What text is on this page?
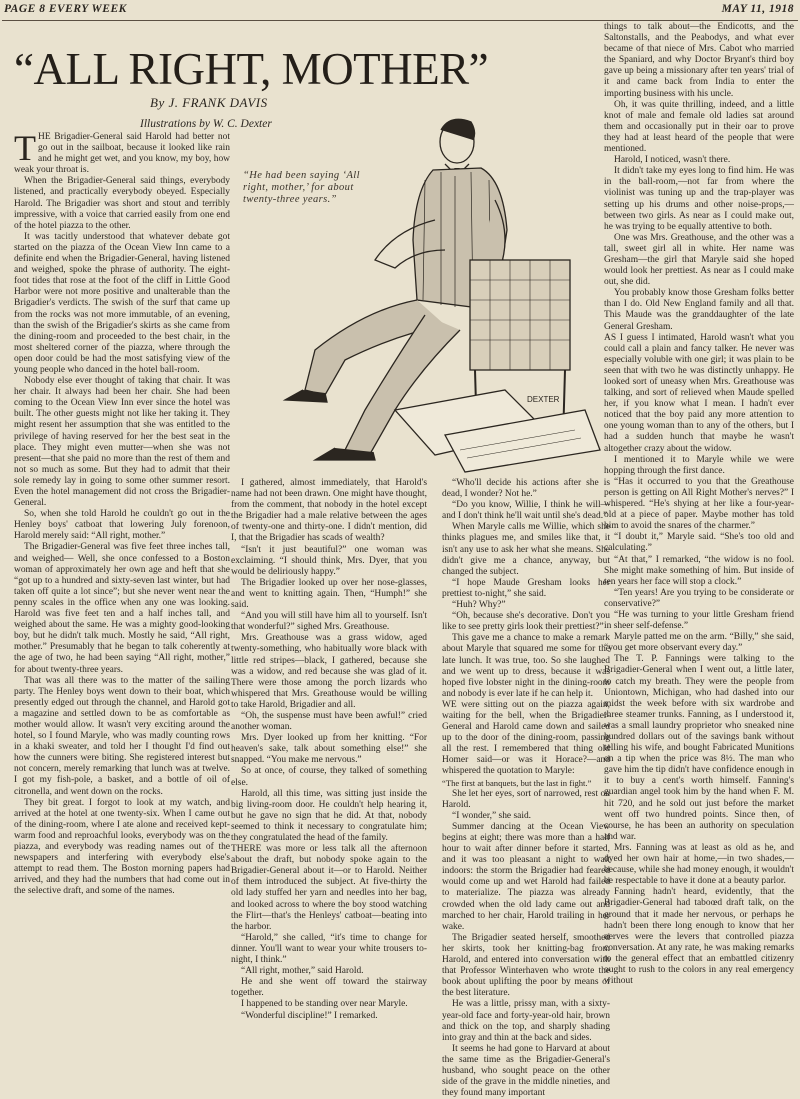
PAGE 8 EVERY WEEK	MAY 11, 1918
“ALL RIGHT, MOTHER”
By J. FRANK DAVIS
Illustrations by W. C. Dexter
DEXTER
“He had been saying ‘All right, mother,’ for about twenty-three years.”

THE Brigadier-General said Harold had better not go out in the sailboat, because it looked like rain and he might get wet, and you know, my boy, how weak your throat is.

When the Brigadier-General said things, everybody listened, and practically everybody obeyed. Especially Harold. The Brigadier was short and stout and terribly impressive, with a voice that carried easily from one end of the hotel piazza to the other.

It was tacitly understood that whatever debate got started on the piazza of the Ocean View Inn came to a definite end when the Brigadier-General, having listened and weighed, spoke the phrase of authority. The eight-foot tides that rose at the foot of the cliff in Little Good Harbor were not more positive and unalterable than the Brigadier's verdicts. The swish of the surf that came up from the rocks was not more immutable, of an evening, than the swish of the Brigadier's skirts as she came from the dining-room and proceeded to the best chair, in the most sheltered corner of the piazza, where through the open door could be had the most satisfying view of the young people who danced in the hotel ball-room.

Nobody else ever thought of taking that chair. It was her chair. It always had been her chair. She had been coming to the Ocean View Inn ever since the hotel was built. The other guests might not like her taking it. They might resent her assumption that she was entitled to the privilege of having reserved for her the best seat in the place. They might even mutter—when she was not present—that she paid no more than the rest of them and not so much as some. But they had to admit that their sole remedy lay in going to some other summer resort. Even the hotel management did not cross the Brigadier-General.

So, when she told Harold he couldn't go out in the Henley boys' catboat that lowering July forenoon, Harold merely said: “All right, mother.”

The Brigadier-General was five feet three inches tall, and weighed— Well, she once confessed to a Boston woman of approximately her own age and heft that she “got up to a hundred and sixty-seven last winter, but had taken off quite a lot since”; but she never went near the penny scales in the office when any one was looking. Harold was five feet ten and a half inches tall, and weighed about the same. He was a mighty good-looking boy, but he didn't talk much. Mostly he said, “All right, mother.” Presumably that he began to talk coherently at the age of two, he had been saying “All right, mother,” for about twenty-three years.

That was all there was to the matter of the sailing party. The Henley boys went down to their boat, which presently edged out through the channel, and Harold got a magazine and settled down to be as comfortable as mother would allow. It wasn't very exciting around the hotel, so I found Maryle, who was madly counting rows in a khaki sweater, and told her I thought I'd find out how the cunners were biting. She registered interest but not concern, merely remarking that lunch was at twelve. I got my fish-pole, a basket, and a bottle of oil of citronella, and went down on the rocks.

They bit great. I forgot to look at my watch, and arrived at the hotel at one twenty-six. When I came out of the dining-room, where I ate alone and received kept-warm food and reproachful looks, everybody was on the piazza, and everybody was reading names out of the newspapers and interfering with everybody else's attempt to read them. The Boston morning papers had arrived, and they had the numbers that had come out in the selective draft, and some of the names.

I gathered, almost immediately, that Harold's name had not been drawn. One might have thought, from the comment, that nobody in the hotel except the Brigadier had a male relative between the ages of twenty-one and thirty-one. I didn't mention, did I, that the Brigadier has scads of wealth?

“Isn't it just beautiful?” one woman was exclaiming. “I should think, Mrs. Dyer, that you would be deliriously happy.”

The Brigadier looked up over her nose-glasses, and went to knitting again. Then, “Humph!” she said.

“And you will still have him all to yourself. Isn't that wonderful?” sighed Mrs. Greathouse.

Mrs. Greathouse was a grass widow, aged twenty-something, who habitually wore black with little red stripes—black, I gathered, because she was a widow, and red because she was glad of it. There were those among the porch lizards who whispered that Mrs. Greathouse would be willing to take Harold, Brigadier and all.

“Oh, the suspense must have been awful!” cried another woman.

Mrs. Dyer looked up from her knitting. “For heaven's sake, talk about something else!” she snapped. “You make me nervous.”

So at once, of course, they talked of something else.

Harold, all this time, was sitting just inside the big living-room door. He couldn't help hearing it, but he gave no sign that he did. At that, nobody seemed to think it necessary to congratulate him; they congratulated the head of the family.

THERE was more or less talk all the afternoon about the draft, but nobody spoke again to the Brigadier-General about it—or to Harold. Neither of them introduced the subject. At five-thirty the old lady stuffed her yarn and needles into her bag, and looked across to where the boy stood watching the Flirt—that's the Henleys' catboat—beating into the harbor.

“Harold,” she called, “it's time to change for dinner. You'll want to wear your white trousers to-night, I think.”

“All right, mother,” said Harold.

He and she went off toward the stairway together.

I happened to be standing over near Maryle.

“Wonderful discipline!” I remarked.

“Who'll decide his actions after she is dead, I wonder? Not he.”

“Do you know, Willie, I think he will—and I don't think he'll wait until she's dead.”

When Maryle calls me Willie, which she thinks plagues me, and smiles like that, it isn't any use to ask her what she means. She didn't give me a chance, anyway, but changed the subject.

“I hope Maude Gresham looks her prettiest to-night,” she said.

“Huh? Why?”

“Oh, because she's decorative. Don't you like to see pretty girls look their prettiest?”

This gave me a chance to make a remark about Maryle that squared me some for the late lunch. It was true, too. So she laughed and we went up to dress, because it was hoped five lobster night in the dining-room and nobody is ever late if he can help it.

WE were sitting out on the piazza again, waiting for the bell, when the Brigadier-General and Harold came down and sailed up to the door of the dining-room, passing all the rest. I remembered that thing old Homer said—or was it Horace?—and whispered the quotation to Maryle:

“The first at banquets, but the last in fight.”

She let her eyes, sort of narrowed, rest on Harold.

“I wonder,” she said.

Summer dancing at the Ocean View begins at eight; there was more than a half hour to wait after dinner before it started, and it was too pleasant a night to wait indoors: the storm the Brigadier had feared would come up and wet Harold had failed to materialize. The piazza was already crowded when the old lady came out and marched to her chair, Harold trailing in her wake.

The Brigadier seated herself, smoothed her skirts, took her knitting-bag from Harold, and entered into conversation with that Professor Winterhaven who wrote the book about uplifting the poor by means of the best literature.

He was a little, prissy man, with a sixty-year-old face and forty-year-old hair, brown and thick on the top, and sharply shading into gray and thin at the back and sides.

It seems he had gone to Harvard at about the same time as the Brigadier-General's husband, who sought peace on the other side of the grave in the middle nineties, and they found many important

things to talk about—the Endicotts, and the Saltonstalls, and the Peabodys, and what ever became of that niece of Mrs. Cabot who married the Spaniard, and why Doctor Bryant's third boy gave up being a missionary after ten years' trial of it and came back from India to enter the importing business with his uncle.

Oh, it was quite thrilling, indeed, and a little knot of male and female old ladies sat around them and occasionally put in their oar to prove they had at least heard of the people that were mentioned.

Harold, I noticed, wasn't there.

It didn't take my eyes long to find him. He was in the ball-room,—not far from where the violinist was tuning up and the trap-player was setting up his drums and other noise-props,—between two girls. As near as I could make out, he was trying to be equally attentive to both.

One was Mrs. Greathouse, and the other was a tall, sweet girl all in white. Her name was Gresham—the girl that Maryle said she hoped would look her prettiest. As near as I could make out, she did.

You probably know those Gresham folks better than I do. Old New England family and all that. This Maude was the granddaughter of the late General Gresham.

AS I guess I intimated, Harold wasn't what you could call a plain and fancy talker. He never was especially voluble with one girl; it was plain to be seen that with two he was distinctly unhappy. He looked sort of uneasy when Mrs. Greathouse was talking, and sort of relieved when Maude spelled her, if you know what I mean. I hadn't ever noticed that the boy paid any more attention to one young woman than to any of the others, but I had a sudden hunch that maybe he wasn't altogether crazy about the widow.

I mentioned it to Maryle while we were hopping through the first dance.

“Has it occurred to you that the Greathouse person is getting on All Right Mother's nerves?” I whispered. “He's shying at her like a four-year-old at a piece of paper. Maybe mother has told him to avoid the snares of the charmer.”

“I doubt it,” Maryle said. “She's too old and calculating.”

“At that,” I remarked, “the widow is no fool. She might make something of him. But inside of ten years her face will stop a clock.”

“Ten years! Are you trying to be considerate or conservative?”

“He was turning to your little Gresham friend in sheer self-defense.”

Maryle patted me on the arm. “Billy,” she said, “you get more observant every day.”

The T. P. Fannings were talking to the Brigadier-General when I went out, a little later, to catch my breath. They were the people from Uniontown, Michigan, who had dashed into our midst the week before with six wardrobe and three steamer trunks. Fanning, as I understood it, was a small laundry proprietor who sneaked nine hundred dollars out of the savings bank without telling his wife, and bought Fabricated Munitions on a tip when the price was 8½. The man who gave him the tip didn't have confidence enough in it to buy a cent's worth himself. Fanning's guardian angel took him by the hand when F. M. hit 720, and he sold out just before the market went off two hundred points. Since then, of course, he has been an authority on speculation and war.

Mrs. Fanning was at least as old as he, and dyed her own hair at home,—in two shades,—because, while she had money enough, it wouldn't be respectable to have it done at a beauty parlor.

Fanning hadn't heard, evidently, that the Brigadier-General had taboœd draft talk, on the ground that it made her nervous, or perhaps he hadn't been there long enough to know that her nerves were the levers that controlled piazza conversation. At any rate, he was making remarks to the general effect that an embattled citizenry ought to rush to the colors in any real emergency without
